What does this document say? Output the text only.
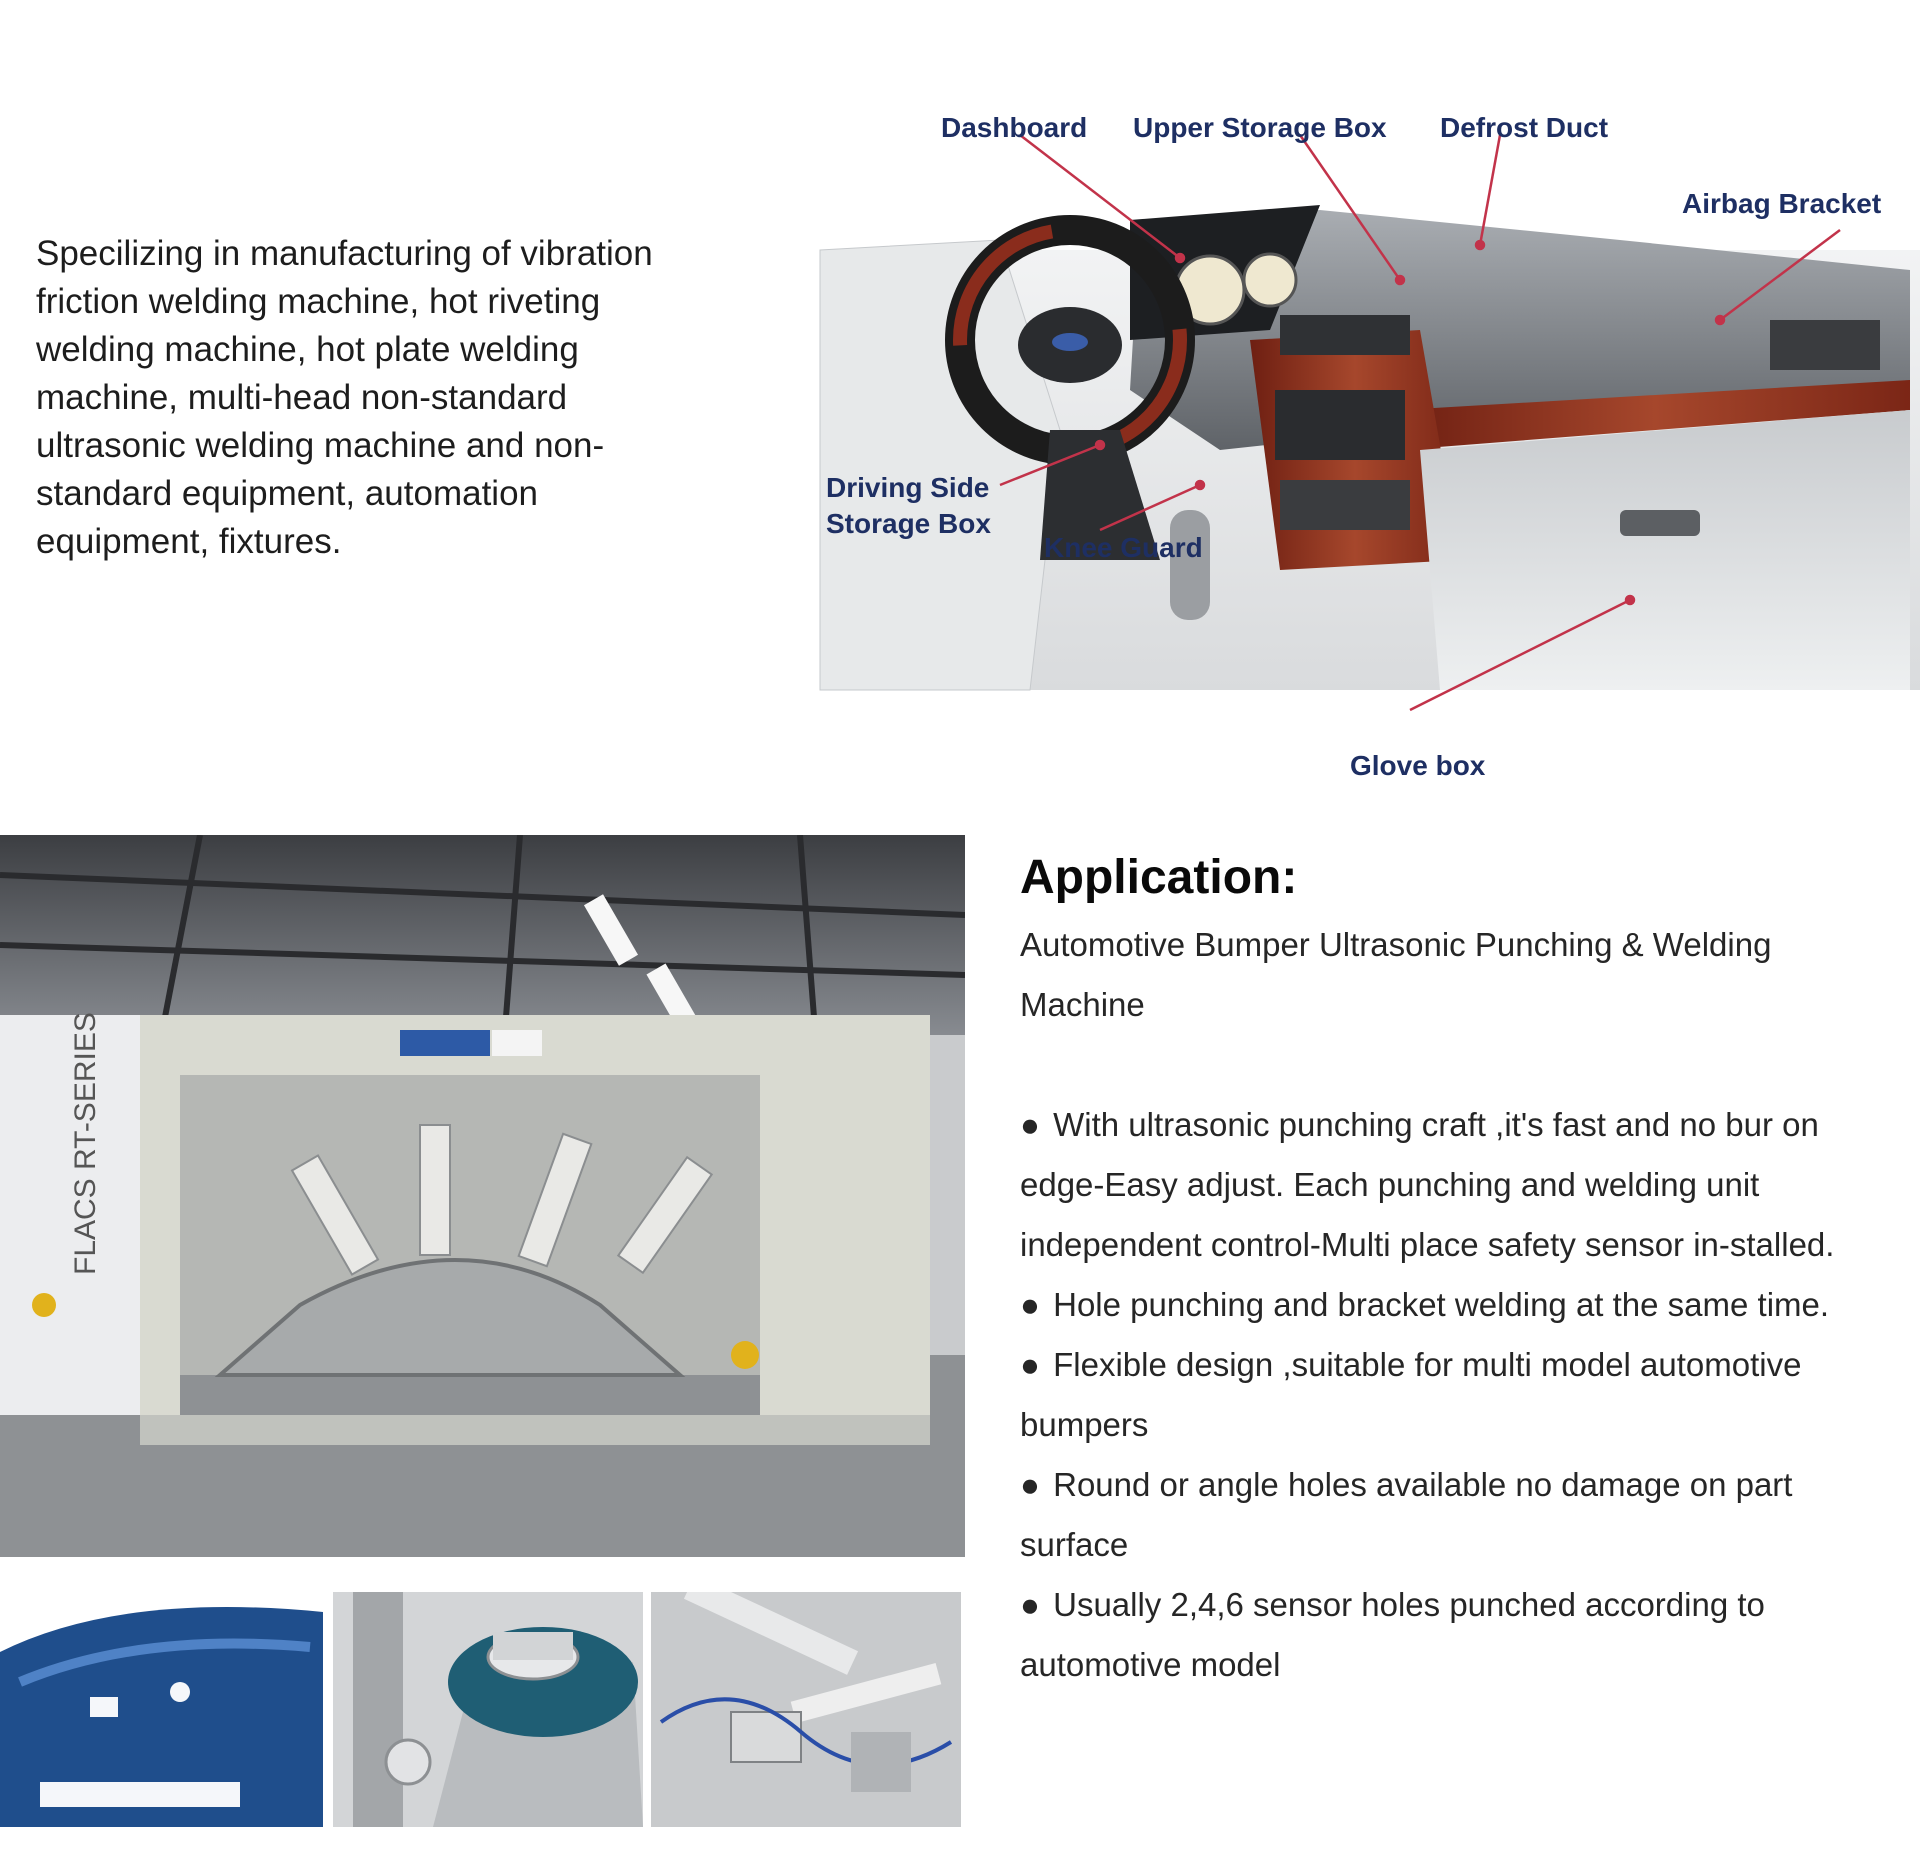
Specilizing in manufacturing of vibration friction welding machine, hot riveting welding machine, hot plate welding machine, multi-head non-standard ultrasonic welding machine and non-standard equipment, automation equipment, fixtures.
Dashboard Upper Storage Box Defrost Duct
Airbag Bracket
Driving Side Storage Box
Knee Guard
Glove box
FLACS RT-SERIES
Application:
Automotive Bumper Ultrasonic Punching & Welding Machine
● With ultrasonic punching craft ,it's fast and no bur on edge-Easy adjust. Each punching and welding unit independent control-Multi place safety sensor in-stalled.
● Hole punching and bracket welding at the same time.
● Flexible design ,suitable for multi model automotive bumpers
● Round or angle holes available no damage on part surface
● Usually 2,4,6 sensor holes punched according to automotive model
